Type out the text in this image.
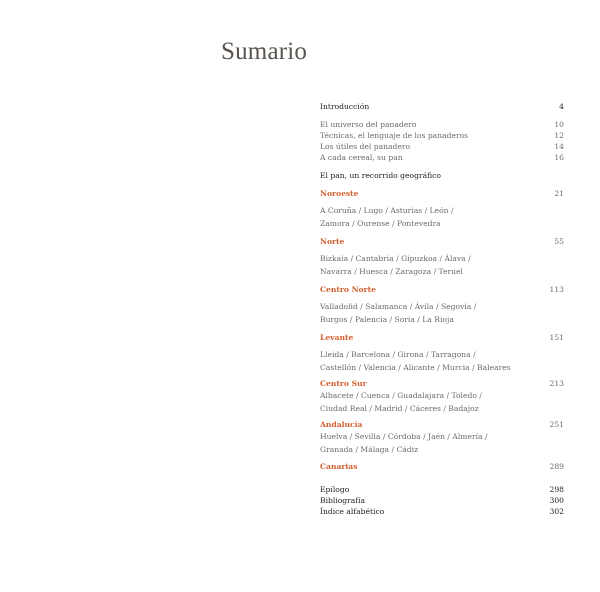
Sumario
Introducción	4
El universo del panadero	10
Técnicas, el lenguaje de los panaderos	12
Los útiles del panadero	14
A cada cereal, su pan	16
El pan, un recorrido geográfico
Noroeste	21
A Coruña / Lugo / Asturias / León /
Zamora / Ourense / Pontevedra
Norte	55
Bizkaia / Cantabria / Gipuzkoa / Álava /
Navarra / Huesca / Zaragoza / Teruel
Centro Norte	113
Valladolid / Salamanca / Ávila / Segovia /
Burgos / Palencia / Soria / La Rioja
Levante	151
Lleida / Barcelona / Girona / Tarragona /
Castellón / Valencia / Alicante / Murcia / Baleares
Centro Sur	213
Albacete / Cuenca / Guadalajara / Toledo /
Ciudad Real / Madrid / Cáceres / Badajoz
Andalucía	251
Huelva / Sevilla / Córdoba / Jaén / Almería /
Granada / Málaga / Cádiz
Canarias	289
Epílogo	298
Bibliografía	300
Índice alfabético	302
